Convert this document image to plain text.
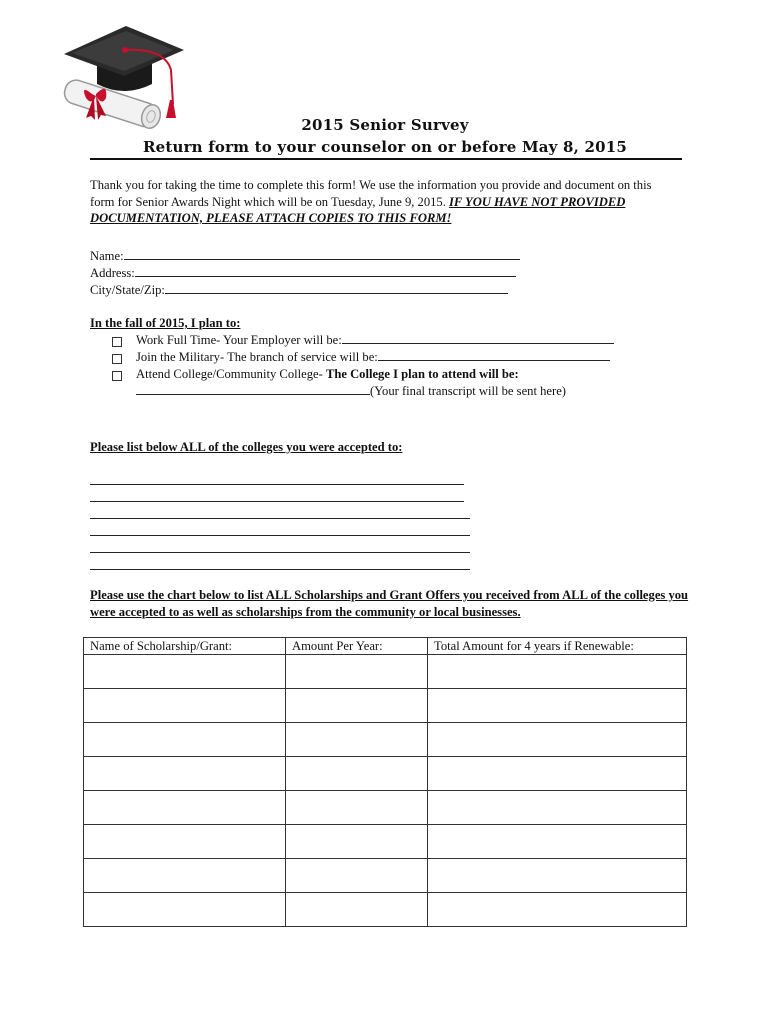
2015 Senior Survey
Return form to your counselor on or before May 8, 2015
Thank you for taking the time to complete this form! We use the information you provide and document on this form for Senior Awards Night which will be on Tuesday, June 9, 2015. IF YOU HAVE NOT PROVIDED DOCUMENTATION, PLEASE ATTACH COPIES TO THIS FORM!
Name:
Address:
City/State/Zip:
In the fall of 2015, I plan to:
Work Full Time- Your Employer will be:
Join the Military- The branch of service will be:
Attend College/Community College- The College I plan to attend will be:
(Your final transcript will be sent here)
Please list below ALL of the colleges you were accepted to:
Please use the chart below to list ALL Scholarships and Grant Offers you received from ALL of the colleges you were accepted to as well as scholarships from the community or local businesses.
Name of Scholarship/Grant:	Amount Per Year:	Total Amount for 4 years if Renewable:
